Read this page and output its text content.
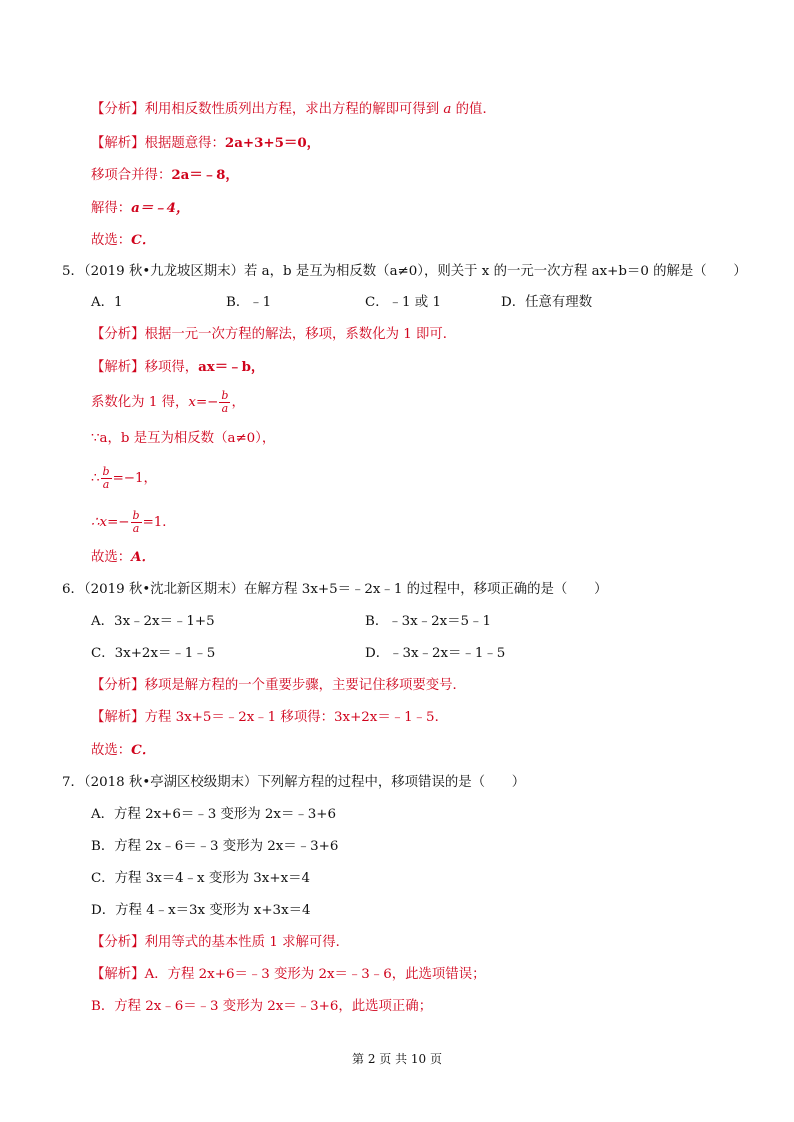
【分析】利用相反数性质列出方程，求出方程的解即可得到 a 的值．
【解析】根据题意得：2a+3+5＝0，
移项合并得：2a＝﹣8，
解得：a＝﹣4，
故选：C．
5．（2019 秋•九龙坡区期末）若 a，b 是互为相反数（a≠0），则关于 x 的一元一次方程 ax+b＝0 的解是（　　）
A．1	B．﹣1	C．﹣1 或 1	D．任意有理数
【分析】根据一元一次方程的解法，移项，系数化为 1 即可．
【解析】移项得，ax＝﹣b，
系数化为 1 得，$x=- \frac{b}{a}$ ，
∵a，b 是互为相反数（a≠0），
∴ $\frac{b}{a} =-1$，
∴x=− $\frac{b}{a} =1$．
故选：A．
6．（2019 秋•沈北新区期末）在解方程 3x+5＝﹣2x﹣1 的过程中，移项正确的是（　　）
A．3x﹣2x＝﹣1+5	B．﹣3x﹣2x＝5﹣1
C．3x+2x＝﹣1﹣5	D．﹣3x﹣2x＝﹣1﹣5
【分析】移项是解方程的一个重要步骤，主要记住移项要变号．
【解析】方程 3x+5＝﹣2x﹣1 移项得：3x+2x＝﹣1﹣5．
故选：C．
7．（2018 秋•亭湖区校级期末）下列解方程的过程中，移项错误的是（　　）
A．方程 2x+6＝﹣3 变形为 2x＝﹣3+6
B．方程 2x﹣6＝﹣3 变形为 2x＝﹣3+6
C．方程 3x＝4﹣x 变形为 3x+x＝4
D．方程 4﹣x＝3x 变形为 x+3x＝4
【分析】利用等式的基本性质 1 求解可得．
【解析】A．方程 2x+6＝﹣3 变形为 2x＝﹣3﹣6，此选项错误；
B．方程 2x﹣6＝﹣3 变形为 2x＝﹣3+6，此选项正确；
第 2 页 共 10 页
